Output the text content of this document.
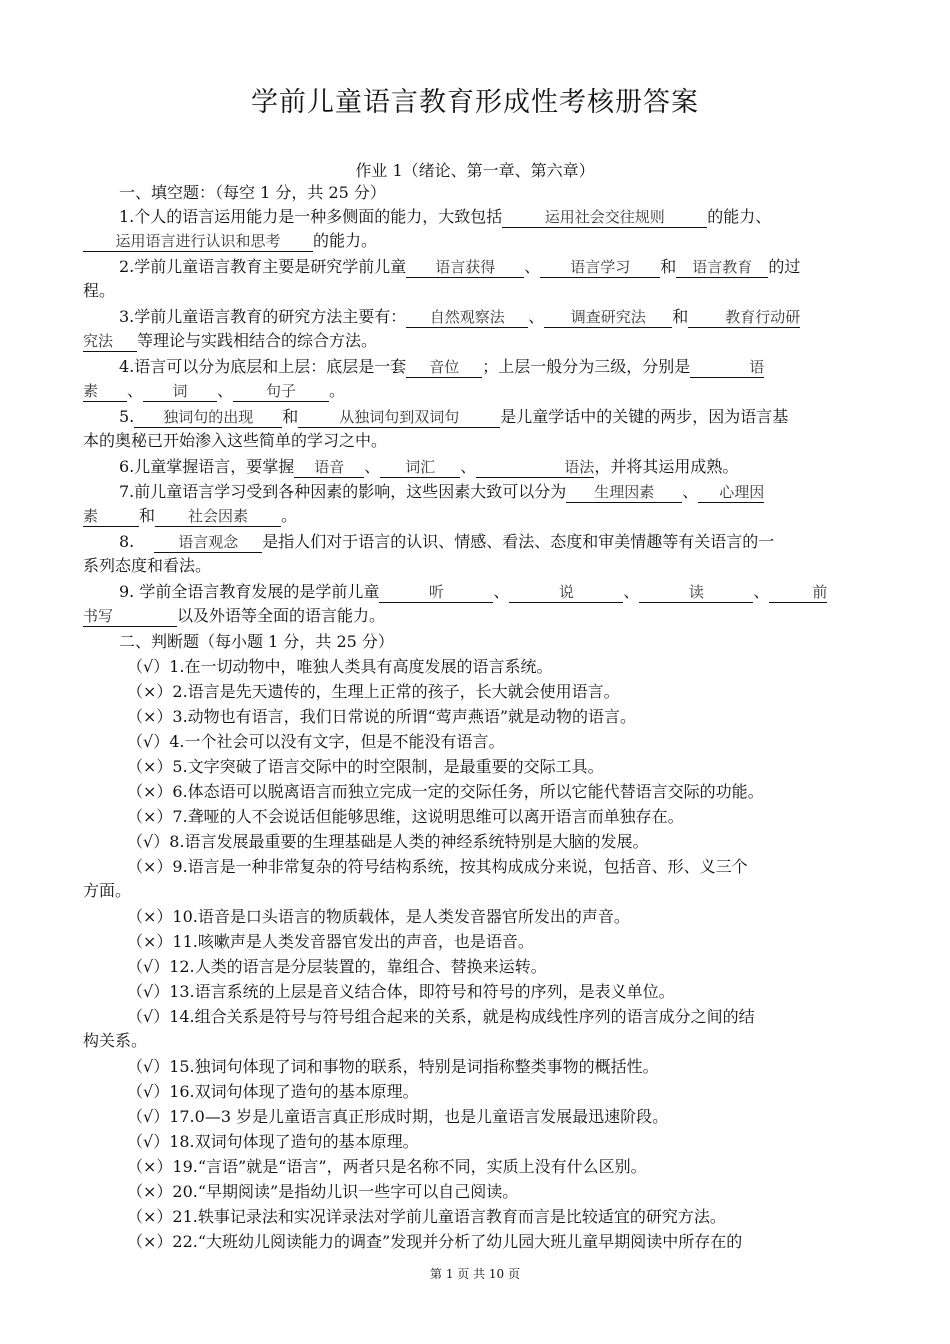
学前儿童语言教育形成性考核册答案
作业 1（绪论、第一章、第六章）
一、填空题：（每空 1 分，共 25 分）
1.个人的语言运用能力是一种多侧面的能力，大致包括	运用社会交往规则	的能力、
运用语言进行认识和思考 的能力。
2.学前儿童语言教育主要是研究学前儿童 语言获得 、 语言学习 和 语言教育 的过
程。
3.学前儿童语言教育的研究方法主要有： 自然观察法 、 调查研究法 和 教育行动研
究法 等理论与实践相结合的综合方法。
4.语言可以分为底层和上层：底层是一套 音位 ；上层一般分为三级，分别是	语
素 、 词 、 句子 。
5. 独词句的出现 和	从独词句到双词句	是儿童学话中的关键的两步，因为语言基
本的奥秘已开始渗入这些简单的学习之中。
6.儿童掌握语言，要掌握 语音 、 词汇 、	语法，并将其运用成熟。
7.前儿童语言学习受到各种因素的影响，这些因素大致可以分为 生理因素 、 心理因
素	和 社会因素 。
8.	语言观念 是指人们对于语言的认识、情感、看法、态度和审美情趣等有关语言的一
系列态度和看法。
9. 学前全语言教育发展的是学前儿童	听	、	说	、	读	、	前
书写	以及外语等全面的语言能力。
二、判断题（每小题 1 分，共 25 分）
（√）1.在一切动物中，唯独人类具有高度发展的语言系统。
（×）2.语言是先天遗传的，生理上正常的孩子，长大就会使用语言。
（×）3.动物也有语言，我们日常说的所谓“莺声燕语”就是动物的语言。
（√）4.一个社会可以没有文字，但是不能没有语言。
（×）5.文字突破了语言交际中的时空限制，是最重要的交际工具。
（×）6.体态语可以脱离语言而独立完成一定的交际任务，所以它能代替语言交际的功能。
（×）7.聋哑的人不会说话但能够思维，这说明思维可以离开语言而单独存在。
（√）8.语言发展最重要的生理基础是人类的神经系统特别是大脑的发展。
（×）9.语言是一种非常复杂的符号结构系统，按其构成成分来说，包括音、形、义三个
方面。
（×）10.语音是口头语言的物质载体，是人类发音器官所发出的声音。
（×）11.咳嗽声是人类发音器官发出的声音，也是语音。
（√）12.人类的语言是分层装置的，靠组合、替换来运转。
（√）13.语言系统的上层是音义结合体，即符号和符号的序列，是表义单位。
（√）14.组合关系是符号与符号组合起来的关系，就是构成线性序列的语言成分之间的结
构关系。
（√）15.独词句体现了词和事物的联系，特别是词指称整类事物的概括性。
（√）16.双词句体现了造句的基本原理。
（√）17.0—3 岁是儿童语言真正形成时期，也是儿童语言发展最迅速阶段。
（√）18.双词句体现了造句的基本原理。
（×）19.“言语”就是“语言”，两者只是名称不同，实质上没有什么区别。
（×）20.“早期阅读”是指幼儿识一些字可以自己阅读。
（×）21.轶事记录法和实况详录法对学前儿童语言教育而言是比较适宜的研究方法。
（×）22.“大班幼儿阅读能力的调查”发现并分析了幼儿园大班儿童早期阅读中所存在的
第 1 页 共 10 页
